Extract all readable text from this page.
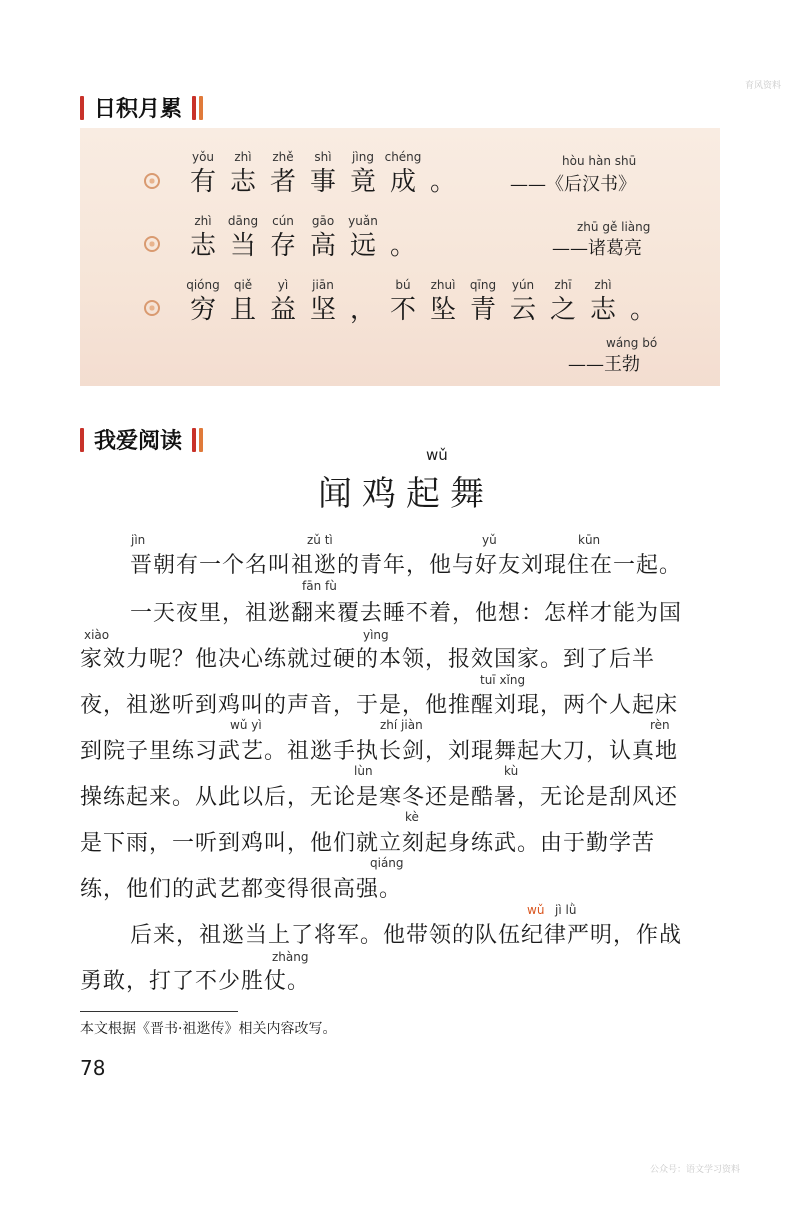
育风资料
日积月累
yǒu
有
zhì
志
zhě
者
shì
事
jìng
竟
chéng
成 。
hòu hàn shū
——《后汉书》
zhì
志
dāng
当
cún
存
gāo
高
yuǎn
远 。
zhū gě liàng
——诸葛亮
qióng
穷
qiě
且
yì
益
jiān
坚 ，
bú
不
zhuì
坠
qīng
青
yún
云
zhī
之
zhì
志 。
wáng bó
——王勃
我爱阅读
wǔ
闻鸡起舞
jìn	zǔ tì	yǔ	kūn
晋朝有一个名叫祖逖的青年，他与好友刘琨住在一起。
fān fù
一天夜里，祖逖翻来覆去睡不着，他想：怎样才能为国
xiào	yìng
家效力呢？他决心练就过硬的本领，报效国家。到了后半
tuī xǐng
夜，祖逖听到鸡叫的声音，于是，他推醒刘琨，两个人起床
wǔ yì	zhí jiàn	rèn
到院子里练习武艺。祖逖手执长剑，刘琨舞起大刀，认真地
lùn	kù
操练起来。从此以后，无论是寒冬还是酷暑，无论是刮风还
kè
是下雨，一听到鸡叫，他们就立刻起身练武。由于勤学苦
qiáng
练，他们的武艺都变得很高强。
wǔ jì lǜ
后来，祖逖当上了将军。他带领的队伍纪律严明，作战
zhàng
勇敢，打了不少胜仗。
本文根据《晋书·祖逖传》相关内容改写。
78
公众号：语文学习资料
